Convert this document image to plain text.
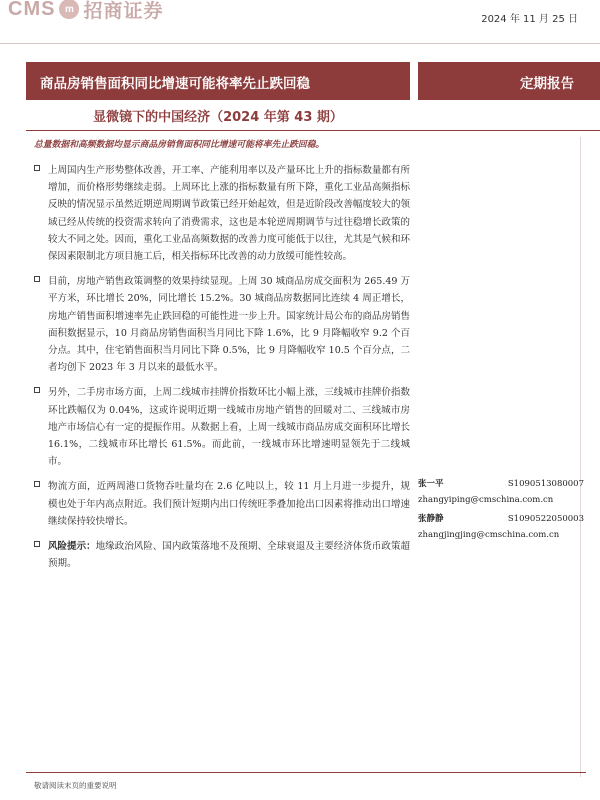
CMS m 招商证券	2024 年 11 月 25 日
商品房销售面积同比增速可能将率先止跌回稳	定期报告
显微镜下的中国经济（2024 年第 43 期）
总量数据和高频数据均显示商品房销售面积同比增速可能将率先止跌回稳。

上周国内生产形势整体改善，开工率、产能利用率以及产量环比上升的指标数量都有所增加，而价格形势继续走弱。上周环比上涨的指标数量有所下降，重化工业品高频指标反映的情况显示虽然近期逆周期调节政策已经开始起效，但是近阶段改善幅度较大的领域已经从传统的投资需求转向了消费需求，这也是本轮逆周期调节与过往稳增长政策的较大不同之处。因而，重化工业品高频数据的改善力度可能低于以往，尤其是气候和环保因素限制北方项目施工后，相关指标环比改善的动力放缓可能性较高。

目前，房地产销售政策调整的效果持续显现。上周 30 城商品房成交面积为 265.49 万平方米，环比增长 20%，同比增长 15.2%。30 城商品房数据同比连续 4 周正增长，房地产销售面积增速率先止跌回稳的可能性进一步上升。国家统计局公布的商品房销售面积数据显示，10 月商品房销售面积当月同比下降 1.6%，比 9 月降幅收窄 9.2 个百分点。其中，住宅销售面积当月同比下降 0.5%，比 9 月降幅收窄 10.5 个百分点，二者均创下 2023 年 3 月以来的最低水平。

另外，二手房市场方面，上周二线城市挂牌价指数环比小幅上涨，三线城市挂牌价指数环比跌幅仅为 0.04%，这或许说明近期一线城市房地产销售的回暖对二、三线城市房地产市场信心有一定的提振作用。从数据上看，上周一线城市商品房成交面积环比增长 16.1%，二线城市环比增长 61.5%。而此前，一线城市环比增速明显领先于二线城市。

物流方面，近两周港口货物吞吐量均在 2.6 亿吨以上，较 11 月上月进一步提升，规模也处于年内高点附近。我们预计短期内出口传统旺季叠加抢出口因素将推动出口增速继续保持较快增长。

风险提示：地缘政治风险、国内政策落地不及预期、全球衰退及主要经济体货币政策超预期。

张一平	S1090513080007
zhangyiping@cmschina.com.cn
张静静	S1090522050003
zhangjingjing@cmschina.com.cn
敬请阅读末页的重要说明
